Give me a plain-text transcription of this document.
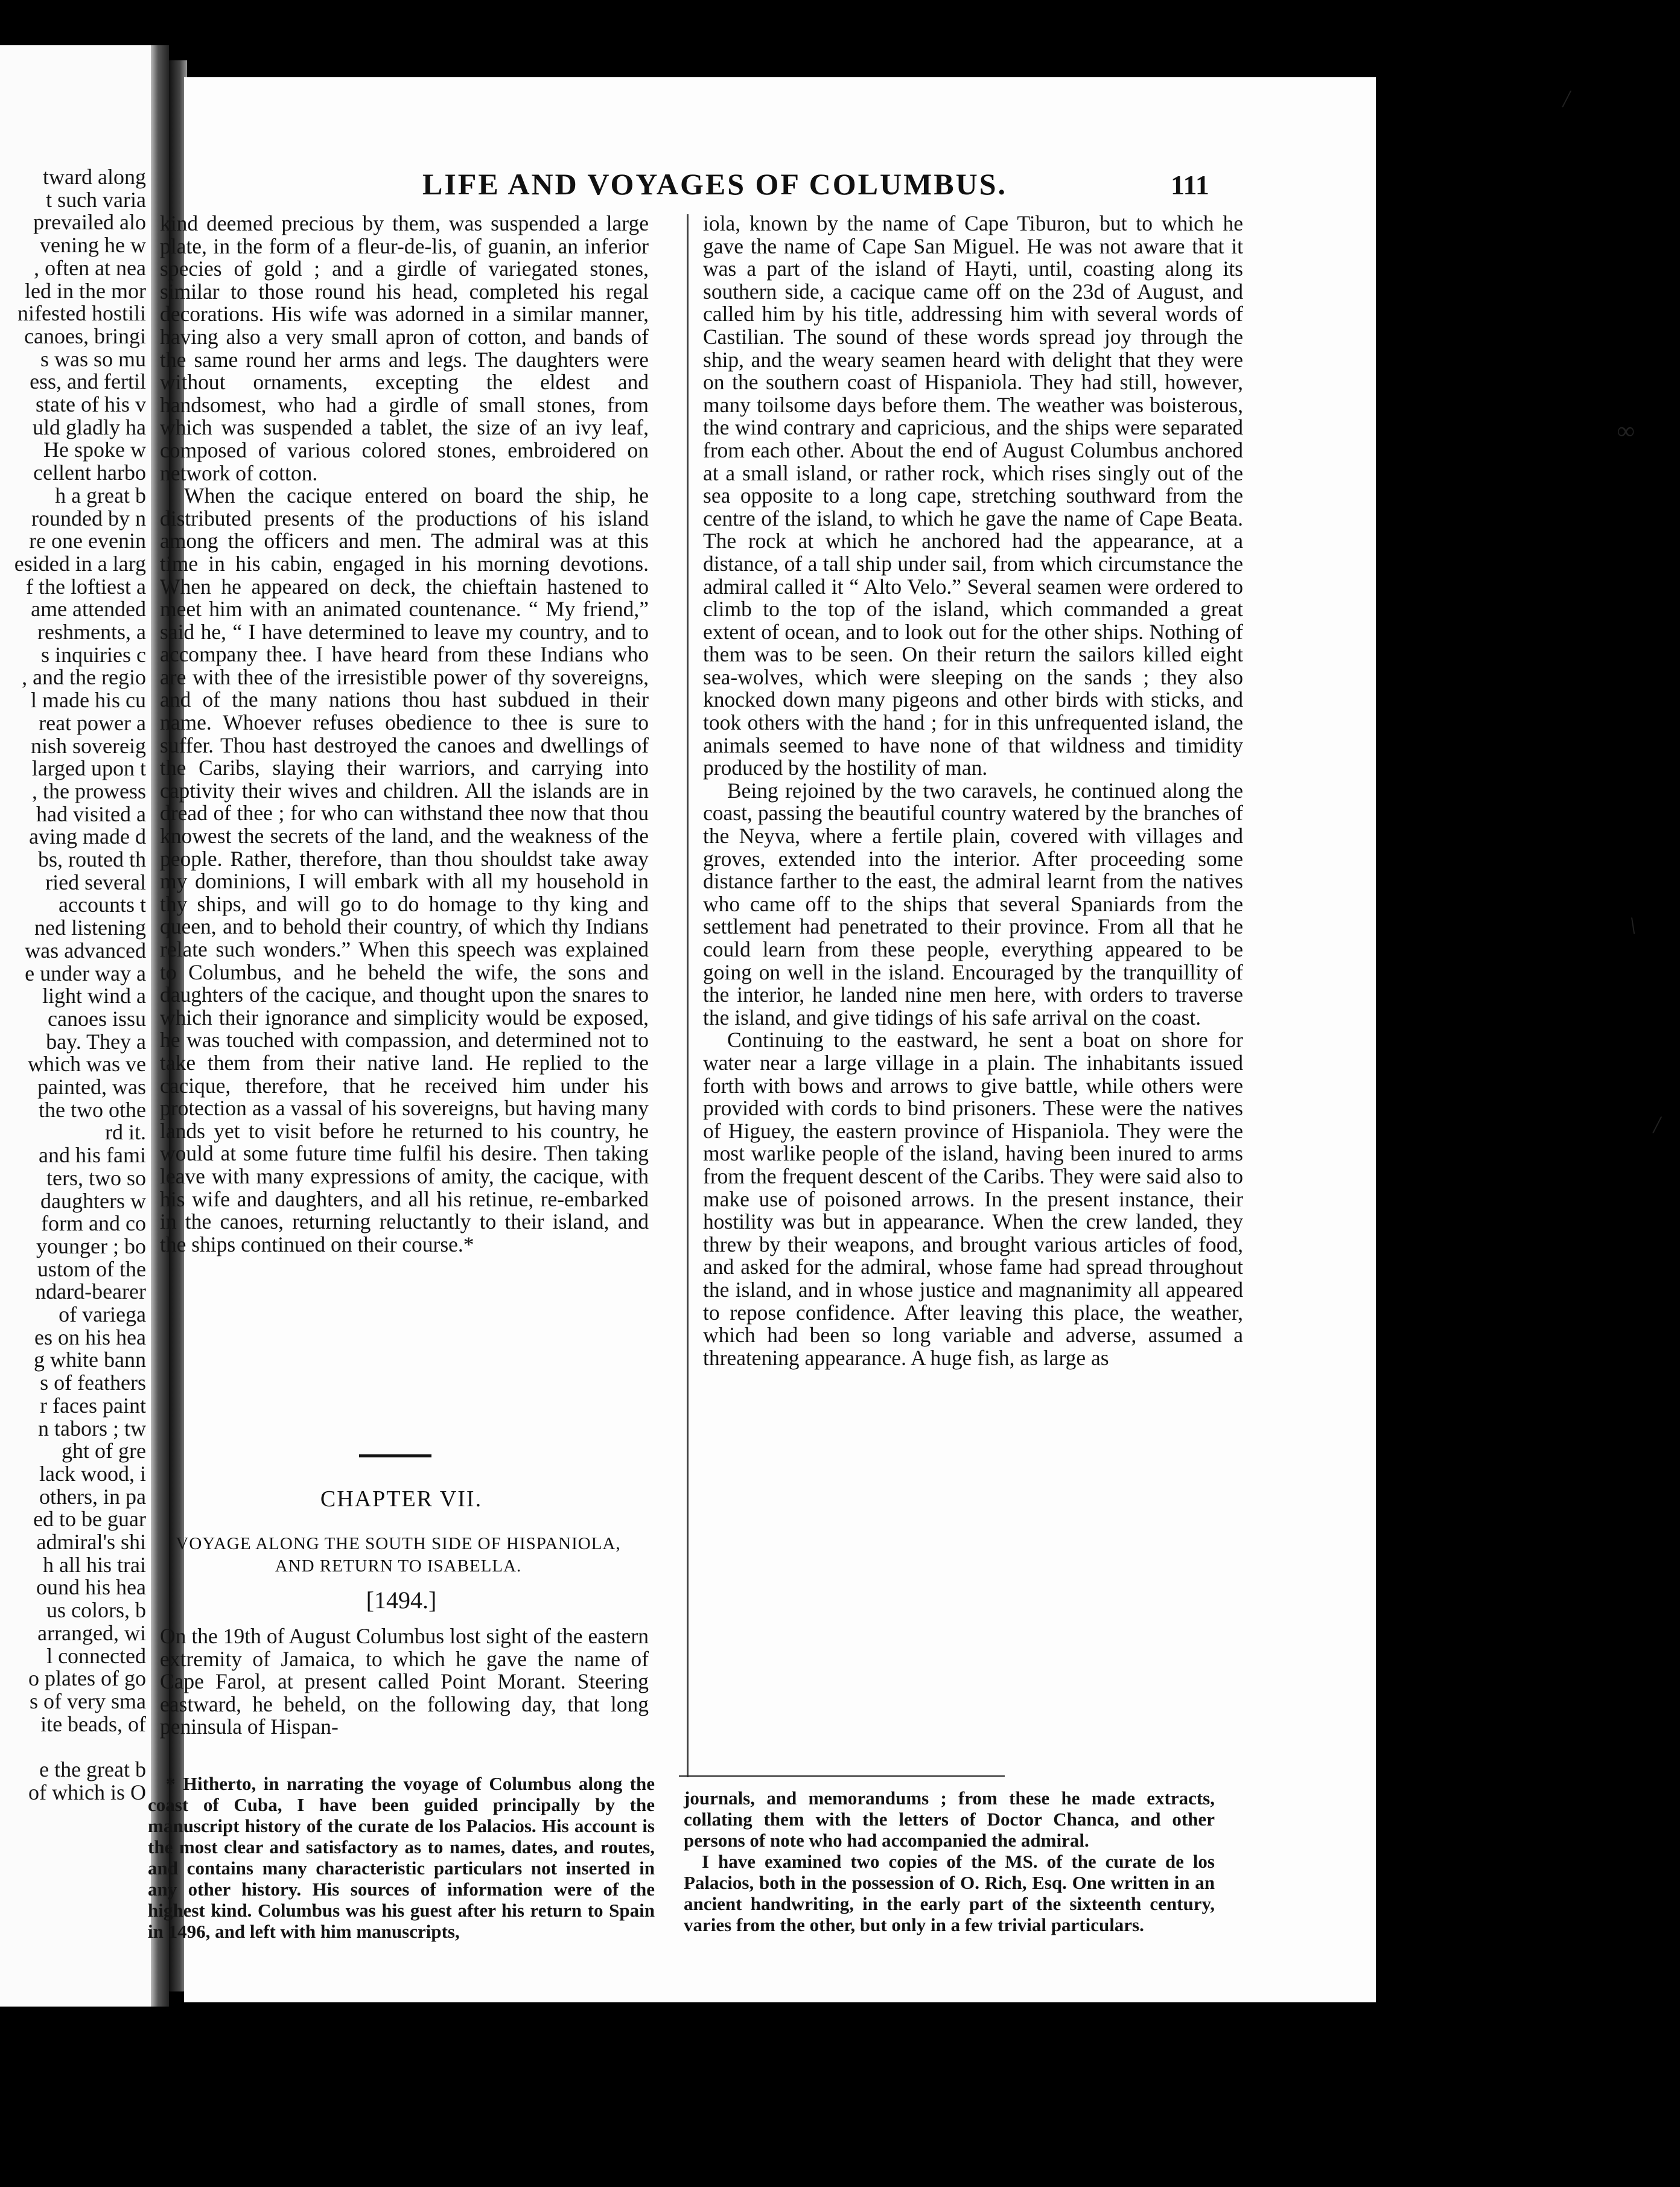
tward along
t such varia
prevailed alo
vening he w
, often at nea
led in the mor
nifested hostili
canoes, bringi
s was so mu
ess, and fertil
state of his v
uld gladly ha
He spoke w
cellent harbo
h a great b
rounded by n
re one evenin
esided in a larg
f the loftiest a
ame attended
reshments, a
s inquiries c
, and the regio
l made his cu
reat power a
nish sovereig
larged upon t
, the prowess
had visited a
aving made d
bs, routed th
ried several
accounts t
ned listening
was advanced
e under way a
light wind a
canoes issu
bay. They a
which was ve
painted, was
the two othe
rd it.
and his fami
ters, two so
daughters w
form and co
younger ; bo
ustom of the
ndard-bearer
of variega
es on his hea
g white bann
s of feathers
r faces paint
n tabors ; tw
ght of gre
lack wood, i
others, in pa
ed to be guar
admiral's shi
h all his trai
ound his hea
us colors, b
arranged, wi
l connected
o plates of go
s of very sma
ite beads, of
e the great b
of which is O
LIFE AND VOYAGES OF COLUMBUS.	111

kind deemed precious by them, was suspended a large plate, in the form of a fleur-de-lis, of guanin, an inferior species of gold ; and a girdle of variegated stones, similar to those round his head, completed his regal decorations. His wife was adorned in a similar manner, having also a very small apron of cotton, and bands of the same round her arms and legs. The daughters were without ornaments, excepting the eldest and handsomest, who had a girdle of small stones, from which was suspended a tablet, the size of an ivy leaf, composed of various colored stones, embroidered on network of cotton.

When the cacique entered on board the ship, he distributed presents of the productions of his island among the officers and men. The admiral was at this time in his cabin, engaged in his morning devotions. When he appeared on deck, the chieftain hastened to meet him with an animated countenance. “ My friend,” said he, “ I have determined to leave my country, and to accompany thee. I have heard from these Indians who are with thee of the irresistible power of thy sovereigns, and of the many nations thou hast subdued in their name. Whoever refuses obedience to thee is sure to suffer. Thou hast destroyed the canoes and dwellings of the Caribs, slaying their warriors, and carrying into captivity their wives and children. All the islands are in dread of thee ; for who can withstand thee now that thou knowest the secrets of the land, and the weakness of the people. Rather, therefore, than thou shouldst take away my dominions, I will embark with all my household in thy ships, and will go to do homage to thy king and queen, and to behold their country, of which thy Indians relate such wonders.” When this speech was explained to Columbus, and he beheld the wife, the sons and daughters of the cacique, and thought upon the snares to which their ignorance and simplicity would be exposed, he was touched with compassion, and determined not to take them from their native land. He replied to the cacique, therefore, that he received him under his protection as a vassal of his sovereigns, but having many lands yet to visit before he returned to his country, he would at some future time fulfil his desire. Then taking leave with many expressions of amity, the cacique, with his wife and daughters, and all his retinue, re-embarked in the canoes, returning reluctantly to their island, and the ships continued on their course.*

CHAPTER VII.
VOYAGE ALONG THE SOUTH SIDE OF HISPANIOLA,
AND RETURN TO ISABELLA.
[1494.]

On the 19th of August Columbus lost sight of the eastern extremity of Jamaica, to which he gave the name of Cape Farol, at present called Point Morant. Steering eastward, he beheld, on the following day, that long peninsula of Hispan-

iola, known by the name of Cape Tiburon, but to which he gave the name of Cape San Miguel. He was not aware that it was a part of the island of Hayti, until, coasting along its southern side, a cacique came off on the 23d of August, and called him by his title, addressing him with several words of Castilian. The sound of these words spread joy through the ship, and the weary seamen heard with delight that they were on the southern coast of Hispaniola. They had still, however, many toilsome days before them. The weather was boisterous, the wind contrary and capricious, and the ships were separated from each other. About the end of August Columbus anchored at a small island, or rather rock, which rises singly out of the sea opposite to a long cape, stretching southward from the centre of the island, to which he gave the name of Cape Beata. The rock at which he anchored had the appearance, at a distance, of a tall ship under sail, from which circumstance the admiral called it “ Alto Velo.” Several seamen were ordered to climb to the top of the island, which commanded a great extent of ocean, and to look out for the other ships. Nothing of them was to be seen. On their return the sailors killed eight sea-wolves, which were sleeping on the sands ; they also knocked down many pigeons and other birds with sticks, and took others with the hand ; for in this unfrequented island, the animals seemed to have none of that wildness and timidity produced by the hostility of man.

Being rejoined by the two caravels, he continued along the coast, passing the beautiful country watered by the branches of the Neyva, where a fertile plain, covered with villages and groves, extended into the interior. After proceeding some distance farther to the east, the admiral learnt from the natives who came off to the ships that several Spaniards from the settlement had penetrated to their province. From all that he could learn from these people, everything appeared to be going on well in the island. Encouraged by the tranquillity of the interior, he landed nine men here, with orders to traverse the island, and give tidings of his safe arrival on the coast.

Continuing to the eastward, he sent a boat on shore for water near a large village in a plain. The inhabitants issued forth with bows and arrows to give battle, while others were provided with cords to bind prisoners. These were the natives of Higuey, the eastern province of Hispaniola. They were the most warlike people of the island, having been inured to arms from the frequent descent of the Caribs. They were said also to make use of poisoned arrows. In the present instance, their hostility was but in appearance. When the crew landed, they threw by their weapons, and brought various articles of food, and asked for the admiral, whose fame had spread throughout the island, and in whose justice and magnanimity all appeared to repose confidence. After leaving this place, the weather, which had been so long variable and adverse, assumed a threatening appearance. A huge fish, as large as

* Hitherto, in narrating the voyage of Columbus along the coast of Cuba, I have been guided principally by the manuscript history of the curate de los Palacios. His account is the most clear and satisfactory as to names, dates, and routes, and contains many characteristic particulars not inserted in any other history. His sources of information were of the highest kind. Columbus was his guest after his return to Spain in 1496, and left with him manuscripts,

journals, and memorandums ; from these he made extracts, collating them with the letters of Doctor Chanca, and other persons of note who had accompanied the admiral.

I have examined two copies of the MS. of the curate de los Palacios, both in the possession of O. Rich, Esq. One written in an ancient handwriting, in the early part of the sixteenth century, varies from the other, but only in a few trivial particulars.

/
∞
\
/
